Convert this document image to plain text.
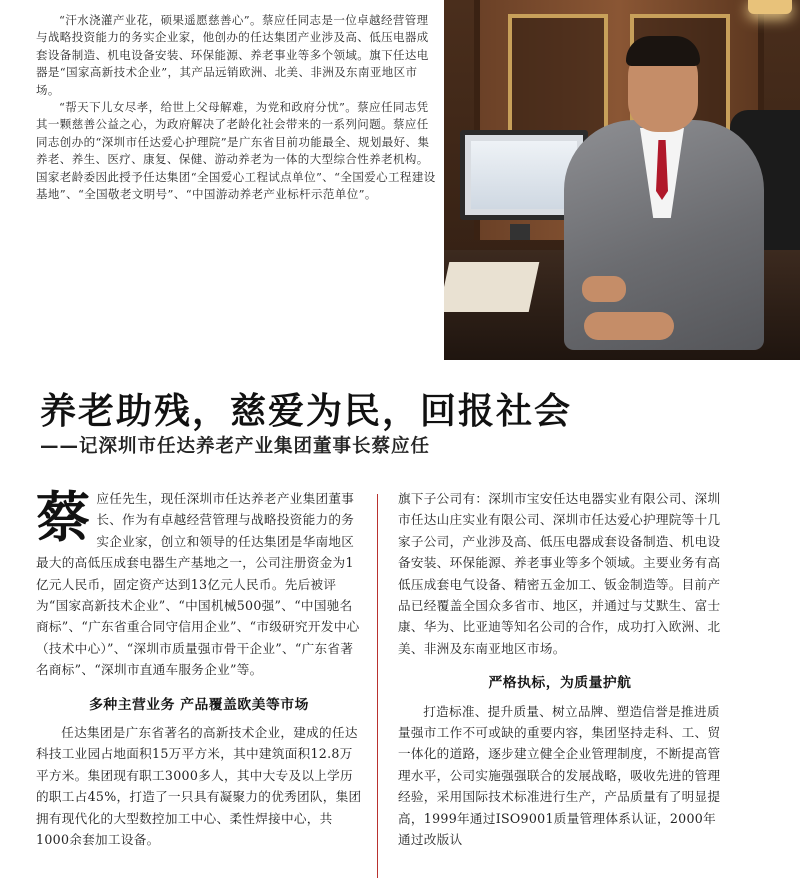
“汗水浇灌产业花，硕果遥愿慈善心”。蔡应任同志是一位卓越经营管理与战略投资能力的务实企业家，他创办的任达集团产业涉及高、低压电器成套设备制造、机电设备安装、环保能源、养老事业等多个领域。旗下任达电器是“国家高新技术企业”，其产品远销欧洲、北美、非洲及东南亚地区市场。

“帮天下儿女尽孝，给世上父母解难，为党和政府分忧”。蔡应任同志凭其一颗慈善公益之心，为政府解决了老龄化社会带来的一系列问题。蔡应任同志创办的“深圳市任达爱心护理院”是广东省目前功能最全、规划最好、集养老、养生、医疗、康复、保健、游动养老为一体的大型综合性养老机构。国家老龄委因此授予任达集团“全国爱心工程试点单位”、“全国爱心工程建设基地”、“全国敬老文明号”、“中国游动养老产业标杆示范单位”。

养老助残，慈爱为民，回报社会
——记深圳市任达养老产业集团董事长蔡应任
蔡 应任先生，现任深圳市任达养老产业集团董事长、作为有卓越经营管理与战略投资能力的务实企业家，创立和领导的任达集团是华南地区最大的高低压成套电器生产基地之一，公司注册资金为1亿元人民币，固定资产达到13亿元人民币。先后被评为“国家高新技术企业”、“中国机械500强”、“中国驰名商标”、“广东省重合同守信用企业”、“市级研究开发中心（技术中心）”、“深圳市质量强市骨干企业”、“广东省著名商标”、“深圳市直通车服务企业”等。

多种主营业务 产品覆盖欧美等市场

任达集团是广东省著名的高新技术企业，建成的任达科技工业园占地面积15万平方米，其中建筑面积12.8万平方米。集团现有职工3000多人，其中大专及以上学历的职工占45%，打造了一只具有凝聚力的优秀团队，集团拥有现代化的大型数控加工中心、柔性焊接中心，共1000余套加工设备。

旗下子公司有：深圳市宝安任达电器实业有限公司、深圳市任达山庄实业有限公司、深圳市任达爱心护理院等十几家子公司，产业涉及高、低压电器成套设备制造、机电设备安装、环保能源、养老事业等多个领域。主要业务有高低压成套电气设备、精密五金加工、钣金制造等。目前产品已经覆盖全国众多省市、地区，并通过与艾默生、富士康、华为、比亚迪等知名公司的合作，成功打入欧洲、北美、非洲及东南亚地区市场。

严格执标，为质量护航

打造标准、提升质量、树立品牌、塑造信誉是推进质量强市工作不可或缺的重要内容，集团坚持走科、工、贸一体化的道路，逐步建立健全企业管理制度，不断提高管理水平，公司实施强强联合的发展战略，吸收先进的管理经验，采用国际技术标准进行生产，产品质量有了明显提高，1999年通过ISO9001质量管理体系认证，2000年通过改版认
